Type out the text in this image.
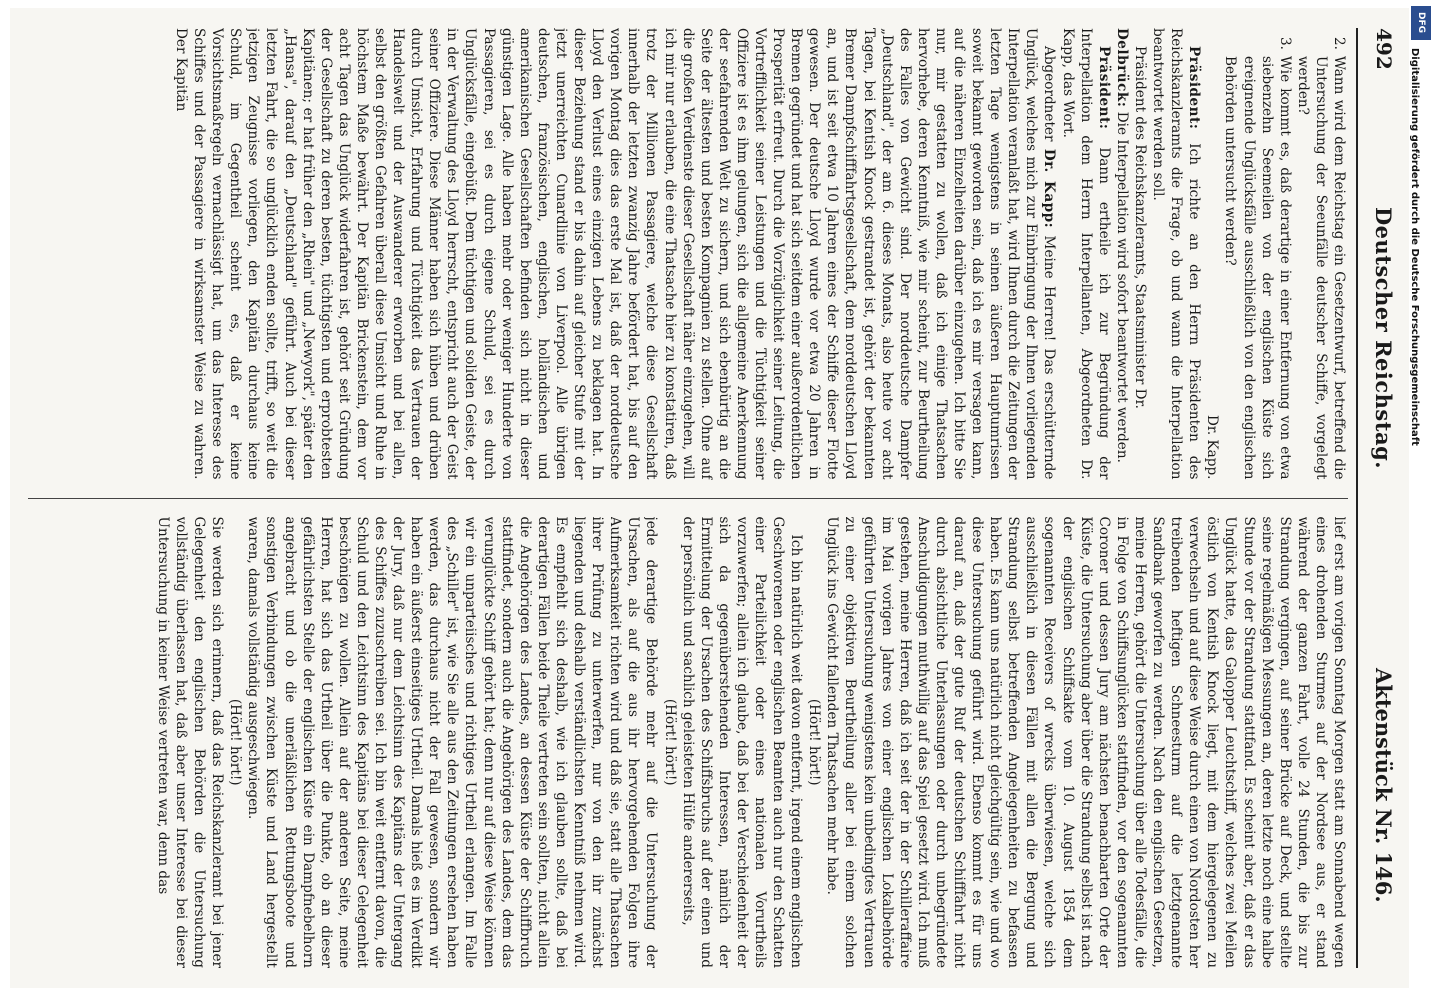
492
Deutscher Reichstag.
Aktenstück Nr. 146.
2.
Wann wird dem Reichstag ein Gesetzentwurf, betreffend die Untersuchung der Seeunfälle deutscher Schiffe, vorgelegt werden?
3.
Wie kommt es, daß derartige in einer Entfernung von etwa siebenzehn Seemeilen von der englischen Küste sich ereignende Unglücksfälle ausschließlich von den englischen Behörden untersucht werden?

Dr. Kapp.

Präsident: Ich richte an den Herrn Präsidenten des Reichskanzleramts die Frage, ob und wann die Interpellation beantwortet werden soll.

Präsident des Reichskanzleramts, Staatsminister Dr.

Delbrück: Die Interpellation wird sofort beantwortet werden.

Präsident: Dann ertheile ich zur Begründung der Interpellation dem Herrn Interpellanten, Abgeordneten Dr. Kapp, das Wort.

Abgeordneter Dr. Kapp: Meine Herren! Das erschütternde Unglück, welches mich zur Einbringung der Ihnen vorliegenden Interpellation veranlaßt hat, wird Ihnen durch die Zeitungen der letzten Tage wenigstens in seinen äußeren Hauptumrissen soweit bekannt geworden sein, daß ich es mir versagen kann, auf die näheren Einzelheiten darüber einzugehen. Ich bitte Sie nur, mir gestatten zu wollen, daß ich einige Thatsachen hervorhebe, deren Kenntniß, wie mir scheint, zur Beurtheilung des Falles von Gewicht sind. Der norddeutsche Dampfer „Deutschland", der am 6. dieses Monats, also heute vor acht Tagen, bei Kentish Knock gestrandet ist, gehört der bekannten Bremer Dampfschifffahrtsgesellschaft, dem norddeutschen Lloyd an, und ist seit etwa 10 Jahren eines der Schiffe dieser Flotte gewesen. Der deutsche Lloyd wurde vor etwa 20 Jahren in Bremen gegründet und hat sich seitdem einer außerordentlichen Prosperität erfreut. Durch die Vorzüglichkeit seiner Leitung, die Vortrefflichkeit seiner Leistungen und die Tüchtigkeit seiner Offiziere ist es ihm gelungen, sich die allgemeine Anerkennung der seefahrenden Welt zu sichern, und sich ebenbürtig an die Seite der ältesten und besten Kompagnien zu stellen. Ohne auf die großen Verdienste dieser Gesellschaft näher einzugehen, will ich mir nur erlauben, die eine Thatsache hier zu konstatiren, daß trotz der Millionen Passagiere, welche diese Gesellschaft innerhalb der letzten zwanzig Jahre befördert hat, bis auf den vorigen Montag dies das erste Mal ist, daß der norddeutsche Lloyd den Verlust eines einzigen Lebens zu beklagen hat. In dieser Beziehung stand er bis dahin auf gleicher Stufe mit der jetzt unerreichten Cunardlinie von Liverpool. Alle übrigen deutschen, französischen, englischen, holländischen und amerikanischen Gesellschaften befinden sich nicht in dieser günstigen Lage. Alle haben mehr oder weniger Hunderte von Passagieren, sei es durch eigene Schuld, sei es durch Unglücksfälle, eingebüßt. Dem tüchtigen und soliden Geiste, der in der Verwaltung des Lloyd herrscht, entspricht auch der Geist seiner Offiziere. Diese Männer haben sich hüben und drüben durch Umsicht, Erfahrung und Tüchtigkeit das Vertrauen der Handelswelt und der Auswanderer erworben und bei allen, selbst den größten Gefahren überall diese Umsicht und Ruhe in höchstem Maße bewährt. Der Kapitän Brickenstein, dem vor acht Tagen das Unglück widerfahren ist, gehört seit Gründung der Gesellschaft zu deren besten, tüchtigsten und erprobtesten Kapitänen; er hat früher den „Rhein" und „Newyork", später den „Hansa", darauf den „Deutschland" geführt. Auch bei dieser letzten Fahrt, die so unglücklich enden sollte, trifft, so weit die jetzigen Zeugnisse vorliegen, den Kapitän durchaus keine Schuld, im Gegentheil scheint es, daß er keine Vorsichtsmaßregeln vernachlässigt hat, um das Interesse des Schiffes und der Passagiere in wirksamster Weise zu wahren. Der Kapitän

lief erst am vorigen Sonntag Morgen statt am Sonnabend wegen eines drohenden Sturmes auf der Nordsee aus, er stand während der ganzen Fahrt, volle 24 Stunden, die bis zur Strandung vergingen, auf seiner Brücke auf Deck, und stellte seine regelmäßigen Messungen an, deren letzte noch eine halbe Stunde vor der Strandung stattfand. Es scheint aber, daß er das Unglück hatte, das Galopper Leuchtschiff, welches zwei Meilen östlich von Kentish Knock liegt, mit dem hiergelegenen zu verwechseln und auf diese Weise durch einen von Nordosten her treibenden heftigen Schneesturm auf die letztgenannte Sandbank geworfen zu werden. Nach den englischen Gesetzen, meine Herren, gehört die Untersuchung über alle Todesfälle, die in Folge von Schiffsunglücken stattfinden, vor den sogenannten Coroner und dessen Jury am nächsten benachbarten Orte der Küste, die Untersuchung aber über die Strandung selbst ist nach der englischen Schiffsakte vom 10. August 1854 dem sogenannten Receivers of wrecks überwiesen, welche sich ausschließlich in diesen Fällen mit allen die Bergung und Strandung selbst betreffenden Angelegenheiten zu befassen haben. Es kann uns natürlich nicht gleichgültig sein, wie und wo diese Untersuchung geführt wird. Ebenso kommt es für uns darauf an, daß der gute Ruf der deutschen Schifffahrt nicht durch absichtliche Unterlassungen oder durch unbegründete Anschuldigungen muthwillig auf das Spiel gesetzt wird. Ich muß gestehen, meine Herren, daß ich seit der in der Schilleraffaire im Mai vorigen Jahres von einer englischen Lokalbehörde geführten Untersuchung wenigstens kein unbedingtes Vertrauen zu einer objektiven Beurtheilung aller bei einem solchen Unglück ins Gewicht fallenden Thatsachen mehr habe.

(Hört! hört!)

Ich bin natürlich weit davon entfernt, irgend einem englischen Geschworenen oder englischen Beamten auch nur den Schatten einer Parteilichkeit oder eines nationalen Vorurtheils vorzuwerfen; allein ich glaube, daß bei der Verschiedenheit der sich da gegenüberstehenden Interessen, nämlich der Ermittelung der Ursachen des Schiffsbruchs auf der einen und der persönlich und sachlich geleisteten Hülfe andererseits,

(Hört! hört!)

jede derartige Behörde mehr auf die Untersuchung der Ursachen, als auf die aus ihr hervorgehenden Folgen ihre Aufmerksamkeit richten wird und daß sie, statt alle Thatsachen ihrer Prüfung zu unterwerfen, nur von den ihr zunächst liegenden und deshalb verständlichsten Kenntniß nehmen wird. Es empfiehlt sich deshalb, wie ich glauben sollte, daß bei derartigen Fällen beide Theile vertreten sein sollten, nicht allein die Angehörigen des Landes, an dessen Küste der Schiffbruch stattfindet, sondern auch die Angehörigen des Landes, dem das verunglückte Schiff gehört hat; denn nur auf diese Weise können wir ein unparteiisches und richtiges Urtheil erlangen. Im Falle des „Schiller" ist, wie Sie alle aus den Zeitungen ersehen haben werden, das durchaus nicht der Fall gewesen, sondern wir haben ein äußerst einseitiges Urtheil. Damals hieß es im Verdikt der Jury, daß nur dem Leichtsinn des Kapitäns der Untergang des Schiffes zuzuschreiben sei. Ich bin weit entfernt davon, die Schuld und den Leichtsinn des Kapitäns bei dieser Gelegenheit beschönigen zu wollen. Allein auf der anderen Seite, meine Herren, hat sich das Urtheil über die Punkte, ob an dieser gefährlichsten Stelle der englischen Küste ein Dampfnebelhorn angebracht und ob die unerläßlichen Rettungsboote und sonstigen Verbindungen zwischen Küste und Land hergestellt waren, damals vollständig ausgeschwiegen.

(Hört! hört!)

Sie werden sich erinnern, daß das Reichskanzleramt bei jener Gelegenheit den englischen Behörden die Untersuchung vollständig überlassen hat, daß aber unser Interesse bei dieser Untersuchung in keiner Weise vertreten war, denn das

DFG
Digitalisierung gefördert durch die Deutsche Forschungsgemeinschaft
